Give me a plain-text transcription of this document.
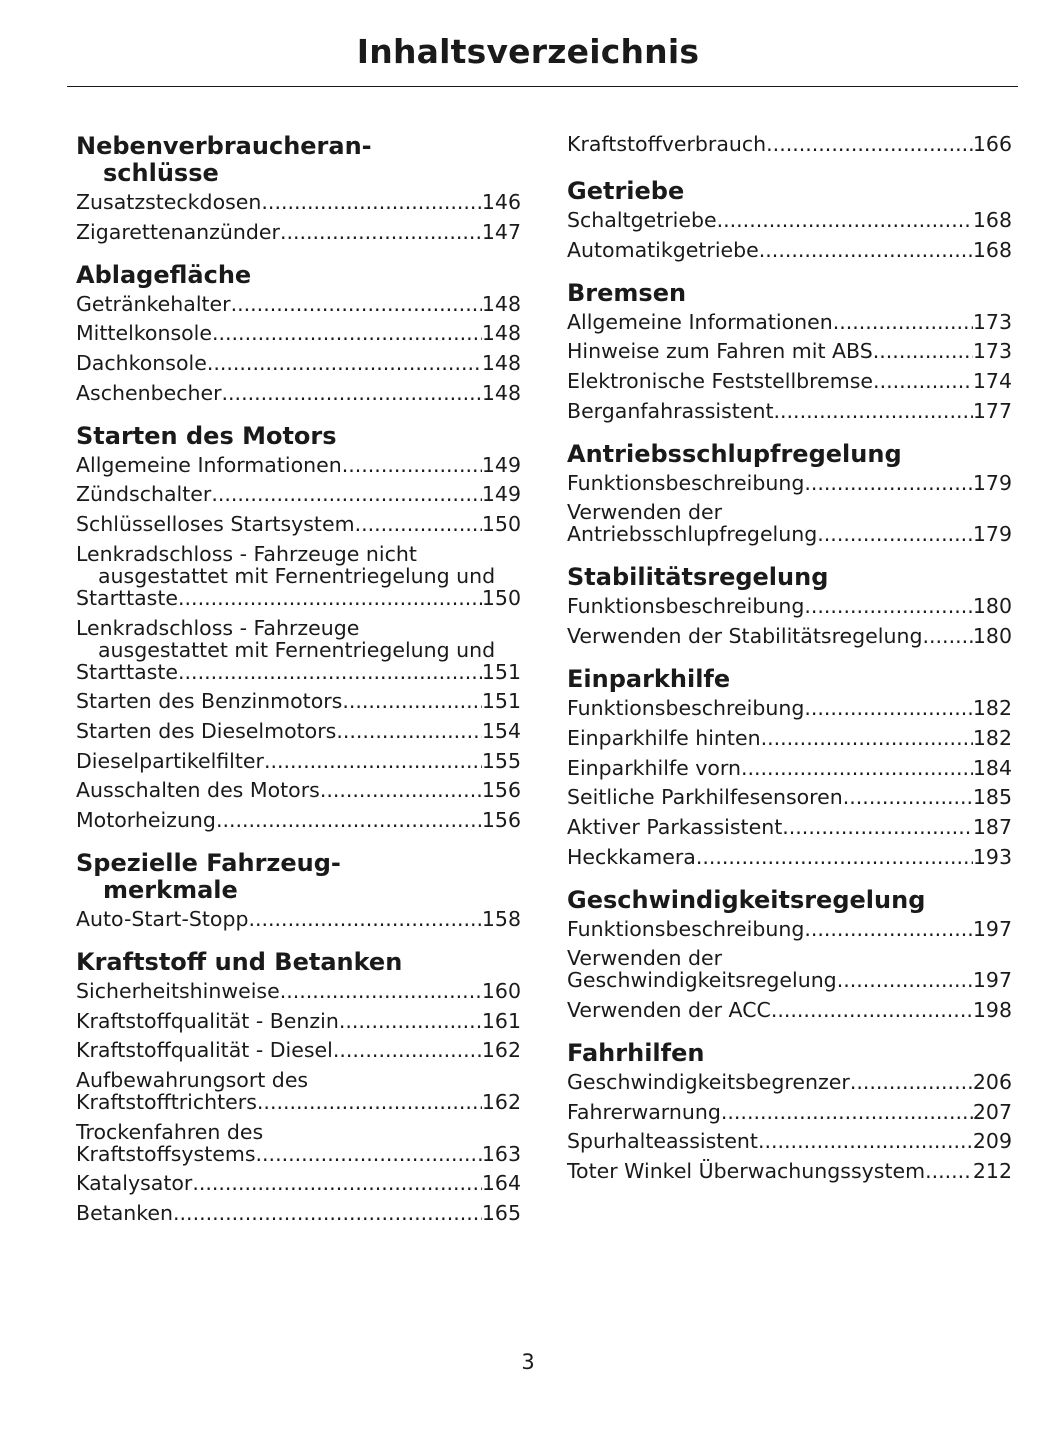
Inhaltsverzeichnis
Nebenverbraucheran-
schlüsse
Zusatzsteckdosen .....	146
Zigarettenanzünder .....	147
Ablagefläche
Getränkehalter .....	148
Mittelkonsole .....	148
Dachkonsole .....	148
Aschenbecher .....	148
Starten des Motors
Allgemeine Informationen .....	149
Zündschalter .....	149
Schlüsselloses Startsystem .....	150
Lenkradschloss - Fahrzeuge nicht
ausgestattet mit Fernentriegelung und
Starttaste .....	150
Lenkradschloss - Fahrzeuge
ausgestattet mit Fernentriegelung und
Starttaste .....	151
Starten des Benzinmotors .....	151
Starten des Dieselmotors .....	154
Dieselpartikelfilter .....	155
Ausschalten des Motors .....	156
Motorheizung .....	156
Spezielle Fahrzeug-
merkmale
Auto-Start-Stopp .....	158
Kraftstoff und Betanken
Sicherheitshinweise .....	160
Kraftstoffqualität - Benzin .....	161
Kraftstoffqualität - Diesel .....	162
Aufbewahrungsort des
Kraftstofftrichters .....	162
Trockenfahren des
Kraftstoffsystems .....	163
Katalysator .....	164
Betanken .....	165
Kraftstoffverbrauch .....	166
Getriebe
Schaltgetriebe .....	168
Automatikgetriebe .....	168
Bremsen
Allgemeine Informationen .....	173
Hinweise zum Fahren mit ABS .....	173
Elektronische Feststellbremse .....	174
Berganfahrassistent .....	177
Antriebsschlupfregelung
Funktionsbeschreibung .....	179
Verwenden der
Antriebsschlupfregelung .....	179
Stabilitätsregelung
Funktionsbeschreibung .....	180
Verwenden der Stabilitätsregelung ..... 180
Einparkhilfe
Funktionsbeschreibung .....	182
Einparkhilfe hinten .....	182
Einparkhilfe vorn .....	184
Seitliche Parkhilfesensoren .....	185
Aktiver Parkassistent .....	187
Heckkamera .....	193
Geschwindigkeitsregelung
Funktionsbeschreibung .....	197
Verwenden der
Geschwindigkeitsregelung .....	197
Verwenden der ACC .....	198
Fahrhilfen
Geschwindigkeitsbegrenzer .....	206
Fahrerwarnung .....	207
Spurhalteassistent .....	209
Toter Winkel Überwachungssystem ..... 212
3
